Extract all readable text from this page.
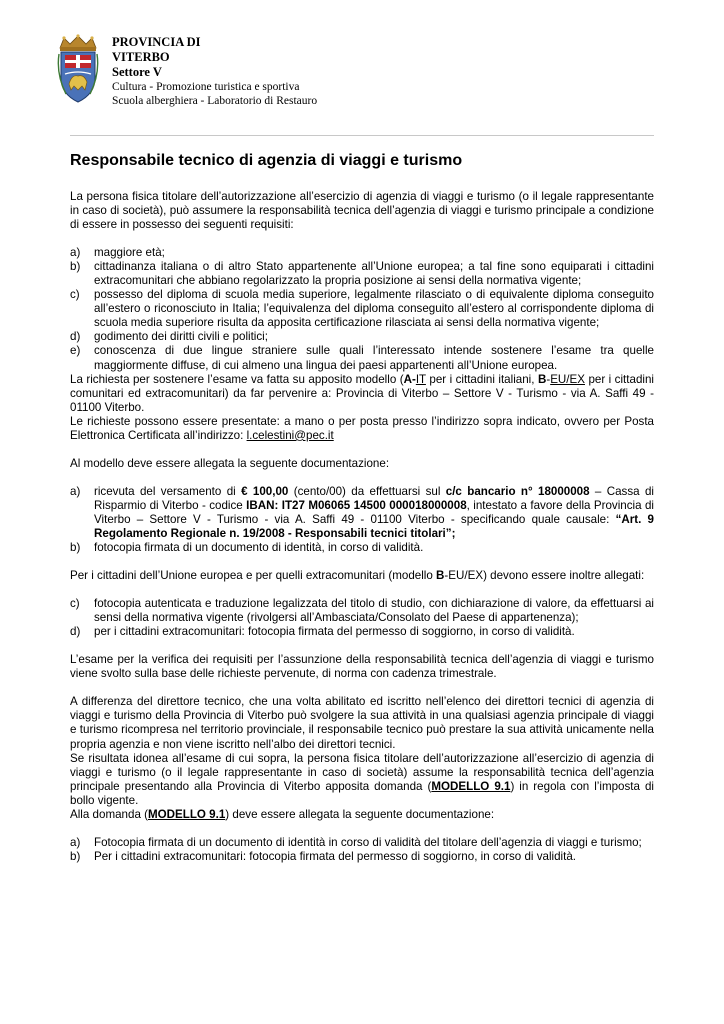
PROVINCIA DI
VITERBO
Settore V
Cultura - Promozione turistica e sportiva
Scuola alberghiera - Laboratorio di Restauro
Responsabile tecnico di agenzia di viaggi e turismo

La persona fisica titolare dell’autorizzazione all’esercizio di agenzia di viaggi e turismo (o il legale rappresentante in caso di società), può assumere la responsabilità tecnica dell’agenzia di viaggi e turismo principale a condizione di essere in possesso dei seguenti requisiti:

a)	maggiore età;
b)	cittadinanza italiana o di altro Stato appartenente all’Unione europea; a tal fine sono equiparati i cittadini extracomunitari che abbiano regolarizzato la propria posizione ai sensi della normativa vigente;
c)	possesso del diploma di scuola media superiore, legalmente rilasciato o di equivalente diploma conseguito all’estero o riconosciuto in Italia; l’equivalenza del diploma conseguito all’estero al corrispondente diploma di scuola media superiore risulta da apposita certificazione rilasciata ai sensi della normativa vigente;
d)	godimento dei diritti civili e politici;
e)	conoscenza di due lingue straniere sulle quali l’interessato intende sostenere l’esame tra quelle maggiormente diffuse, di cui almeno una lingua dei paesi appartenenti all’Unione europea.

La richiesta per sostenere l’esame va fatta su apposito modello (A-IT per i cittadini italiani, B-EU/EX per i cittadini comunitari ed extracomunitari) da far pervenire a: Provincia di Viterbo – Settore V - Turismo - via A. Saffi 49 - 01100 Viterbo.

Le richieste possono essere presentate: a mano o per posta presso l’indirizzo sopra indicato, ovvero per Posta Elettronica Certificata all’indirizzo: l.celestini@pec.it

Al modello deve essere allegata la seguente documentazione:

a)	ricevuta del versamento di € 100,00 (cento/00) da effettuarsi sul c/c bancario n° 18000008 – Cassa di Risparmio di Viterbo - codice IBAN: IT27 M06065 14500 000018000008, intestato a favore della Provincia di Viterbo – Settore V - Turismo - via A. Saffi 49 - 01100 Viterbo - specificando quale causale: “Art. 9 Regolamento Regionale n. 19/2008 - Responsabili tecnici titolari”;
b)	fotocopia firmata di un documento di identità, in corso di validità.

Per i cittadini dell’Unione europea e per quelli extracomunitari (modello B-EU/EX) devono essere inoltre allegati:

c)	fotocopia autenticata e traduzione legalizzata del titolo di studio, con dichiarazione di valore, da effettuarsi ai sensi della normativa vigente (rivolgersi all’Ambasciata/Consolato del Paese di appartenenza);
d)	per i cittadini extracomunitari: fotocopia firmata del permesso di soggiorno, in corso di validità.

L’esame per la verifica dei requisiti per l’assunzione della responsabilità tecnica dell’agenzia di viaggi e turismo viene svolto sulla base delle richieste pervenute, di norma con cadenza trimestrale.

A differenza del direttore tecnico, che una volta abilitato ed iscritto nell’elenco dei direttori tecnici di agenzia di viaggi e turismo della Provincia di Viterbo può svolgere la sua attività in una qualsiasi agenzia principale di viaggi e turismo ricompresa nel territorio provinciale, il responsabile tecnico può prestare la sua attività unicamente nella propria agenzia e non viene iscritto nell’albo dei direttori tecnici.

Se risultata idonea all’esame di cui sopra, la persona fisica titolare dell’autorizzazione all’esercizio di agenzia di viaggi e turismo (o il legale rappresentante in caso di società) assume la responsabilità tecnica dell’agenzia principale presentando alla Provincia di Viterbo apposita domanda (MODELLO 9.1) in regola con l’imposta di bollo vigente.

Alla domanda (MODELLO 9.1) deve essere allegata la seguente documentazione:

a)	Fotocopia firmata di un documento di identità in corso di validità del titolare dell’agenzia di viaggi e turismo;
b)	Per i cittadini extracomunitari: fotocopia firmata del permesso di soggiorno, in corso di validità.
